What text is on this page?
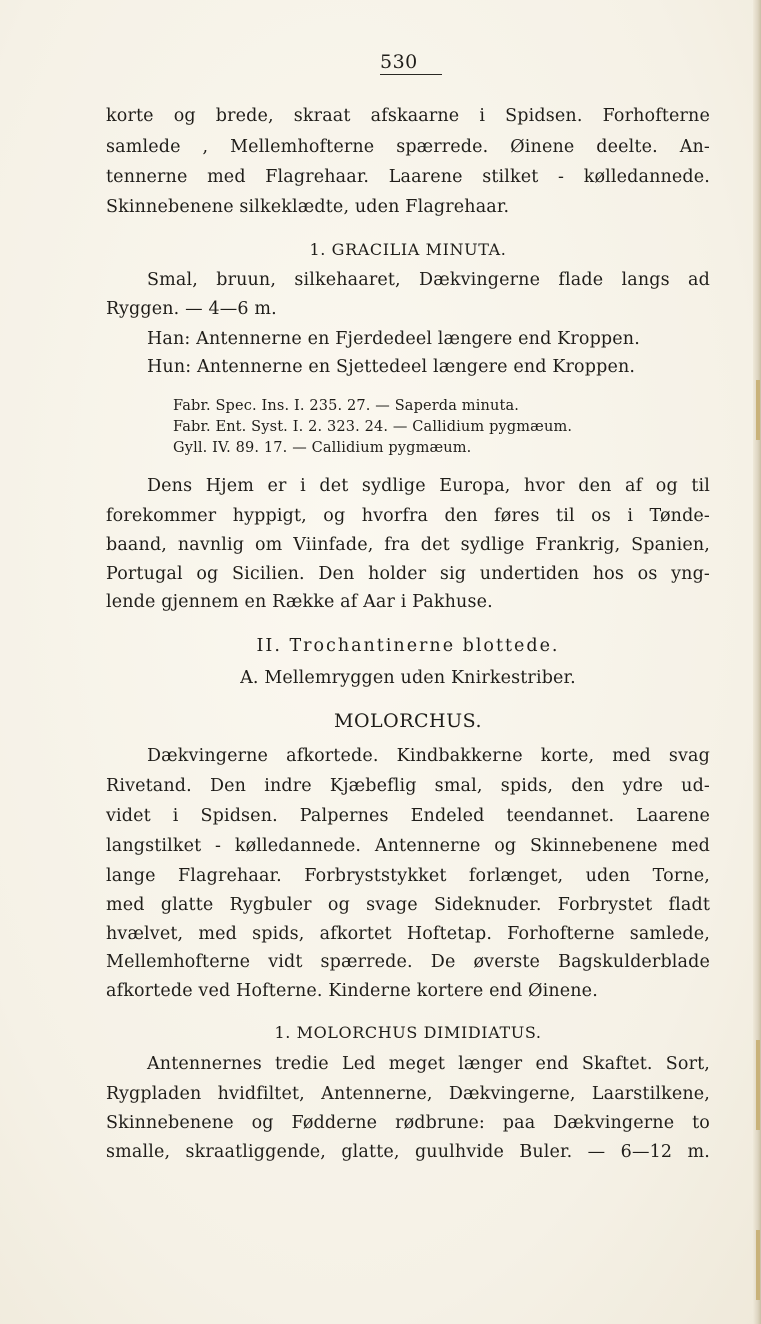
530
korte og brede, skraat afskaarne i Spidsen. Forhofterne
samlede , Mellemhofterne spærrede. Øinene deelte. An-
tennerne med Flagrehaar. Laarene stilket - kølledannede.
Skinnebenene silkeklædte, uden Flagrehaar.
1. GRACILIA MINUTA.
Smal, bruun, silkehaaret, Dækvingerne flade langs ad
Ryggen. — 4—6 m.
Han: Antennerne en Fjerdedeel længere end Kroppen.
Hun: Antennerne en Sjettedeel længere end Kroppen.
Fabr. Spec. Ins. I. 235. 27. — Saperda minuta.
Fabr. Ent. Syst. I. 2. 323. 24. — Callidium pygmæum.
Gyll. IV. 89. 17. — Callidium pygmæum.
Dens Hjem er i det sydlige Europa, hvor den af og til
forekommer hyppigt, og hvorfra den føres til os i Tønde-
baand, navnlig om Viinfade, fra det sydlige Frankrig, Spanien,
Portugal og Sicilien. Den holder sig undertiden hos os yng-
lende gjennem en Række af Aar i Pakhuse.
II. Trochantinerne blottede.
A. Mellemryggen uden Knirkestriber.
MOLORCHUS.
Dækvingerne afkortede. Kindbakkerne korte, med svag
Rivetand. Den indre Kjæbeflig smal, spids, den ydre ud-
videt i Spidsen. Palpernes Endeled teendannet. Laarene
langstilket - kølledannede. Antennerne og Skinnebenene med
lange Flagrehaar. Forbryststykket forlænget, uden Torne,
med glatte Rygbuler og svage Sideknuder. Forbrystet fladt
hvælvet, med spids, afkortet Hoftetap. Forhofterne samlede,
Mellemhofterne vidt spærrede. De øverste Bagskulderblade
afkortede ved Hofterne. Kinderne kortere end Øinene.
1. MOLORCHUS DIMIDIATUS.
Antennernes tredie Led meget længer end Skaftet. Sort,
Rygpladen hvidfiltet, Antennerne, Dækvingerne, Laarstilkene,
Skinnebenene og Fødderne rødbrune: paa Dækvingerne to
smalle, skraatliggende, glatte, guulhvide Buler. — 6—12 m.
